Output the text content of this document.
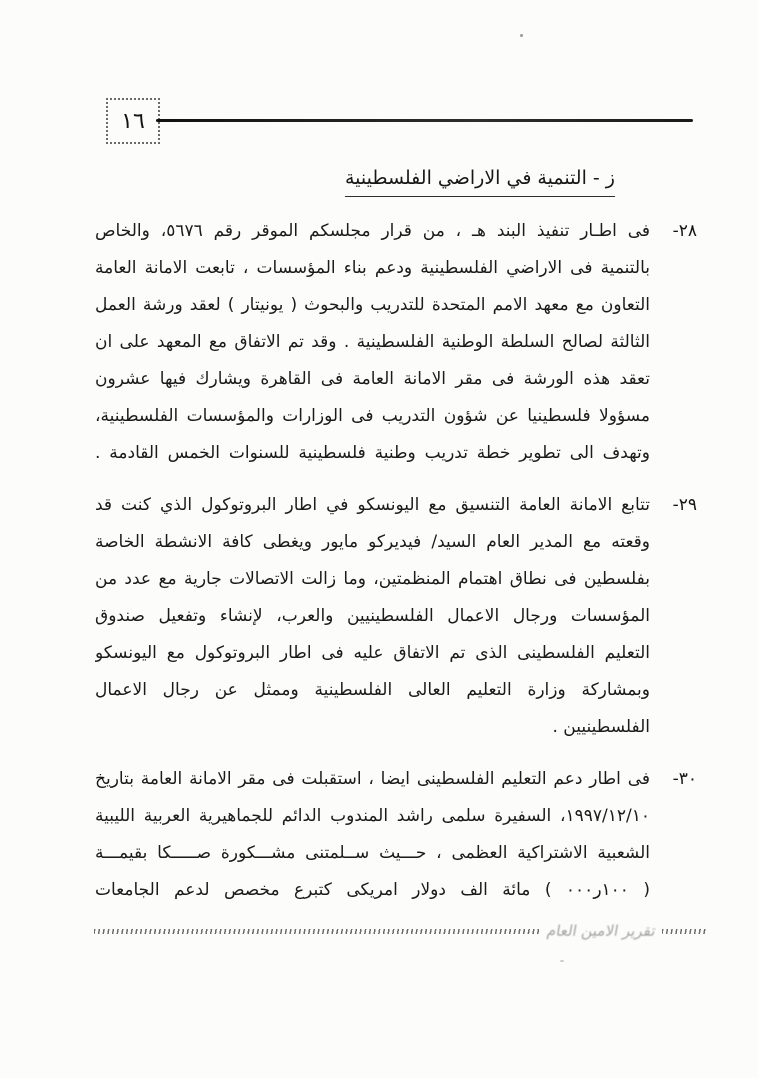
١٦
ز - التنمية في الاراضي الفلسطينية
٢٨-
فى اطـار تنفيذ البند هـ ، من قرار مجلسكم الموقر رقم ٥٦٧٦، والخاص
بالتنمية فى الاراضي الفلسطينية ودعم بناء المؤسسات ، تابعت الامانة العامة
التعاون مع معهد الامم المتحدة للتدريب والبحوث ( يونيتار ) لعقد ورشة العمل
الثالثة لصالح السلطة الوطنية الفلسطينية . وقد تم الاتفاق مع المعهد على ان
تعقد هذه الورشة فى مقر الامانة العامة فى القاهرة ويشارك فيها عشرون
مسؤولا فلسطينيا عن شؤون التدريب فى الوزارات والمؤسسات الفلسطينية،
وتهدف الى تطوير خطة تدريب وطنية فلسطينية للسنوات الخمس القادمة .
٢٩-
تتابع الامانة العامة التنسيق مع اليونسكو في اطار البروتوكول الذي كنت قد
وقعته مع المدير العام السيد/ فيديركو مايور ويغطى كافة الانشطة الخاصة
بفلسطين فى نطاق اهتمام المنظمتين، وما زالت الاتصالات جارية مع عدد من
المؤسسات ورجال الاعمال الفلسطينيين والعرب، لإنشاء وتفعيل صندوق
التعليم الفلسطينى الذى تم الاتفاق عليه فى اطار البروتوكول مع اليونسكو
وبمشاركة وزارة التعليم العالى الفلسطينية وممثل عن رجال الاعمال
الفلسطينيين .
٣٠-
فى اطار دعم التعليم الفلسطينى ايضا ، استقبلت فى مقر الامانة العامة بتاريخ
١٩٩٧/١٢/١٠، السفيرة سلمى راشد المندوب الدائم للجماهيرية العربية الليبية
الشعبية الاشتراكية العظمى ، حـــيث ســلمتنى مشـــكورة صـــــكا بقيمـــة
( ١٠٠ر٠٠٠ ) مائة الف دولار امريكى كتبرع مخصص لدعم الجامعات
تقرير الامين العام
